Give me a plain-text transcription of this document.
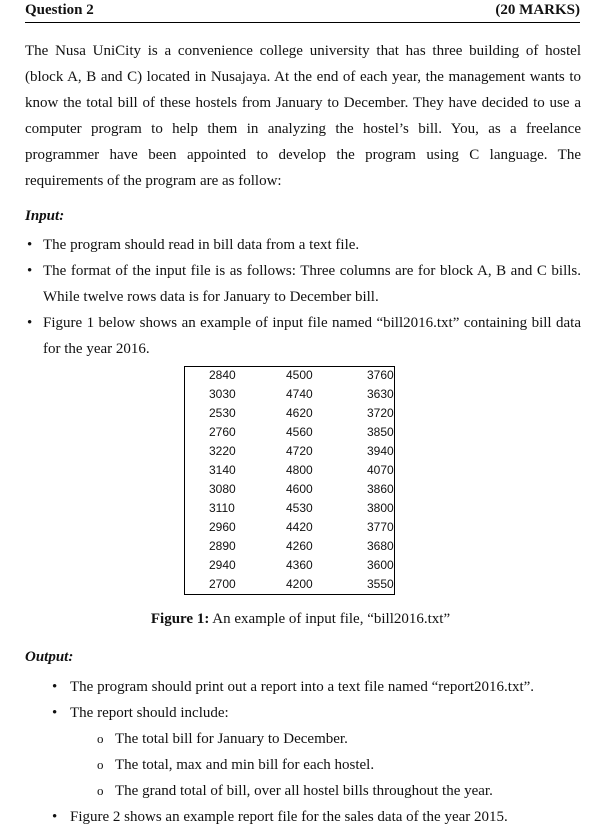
Question 2	(20 MARKS)
The Nusa UniCity is a convenience college university that has three building of hostel (block A, B and C) located in Nusajaya. At the end of each year, the management wants to know the total bill of these hostels from January to December. They have decided to use a computer program to help them in analyzing the hostel’s bill. You, as a freelance programmer have been appointed to develop the program using C language. The requirements of the program are as follow:
Input:
• The program should read in bill data from a text file.
• The format of the input file is as follows: Three columns are for block A, B and C bills. While twelve rows data is for January to December bill.
• Figure 1 below shows an example of input file named “bill2016.txt” containing bill data for the year 2016.
2840	4500	3760
3030	4740	3630
2530	4620	3720
2760	4560	3850
3220	4720	3940
3140	4800	4070
3080	4600	3860
3110	4530	3800
2960	4420	3770
2890	4260	3680
2940	4360	3600
2700	4200	3550
Figure 1: An example of input file, “bill2016.txt”
Output:
• The program should print out a report into a text file named “report2016.txt”.
• The report should include:
o The total bill for January to December.
o The total, max and min bill for each hostel.
o The grand total of bill, over all hostel bills throughout the year.
• Figure 2 shows an example report file for the sales data of the year 2015.
